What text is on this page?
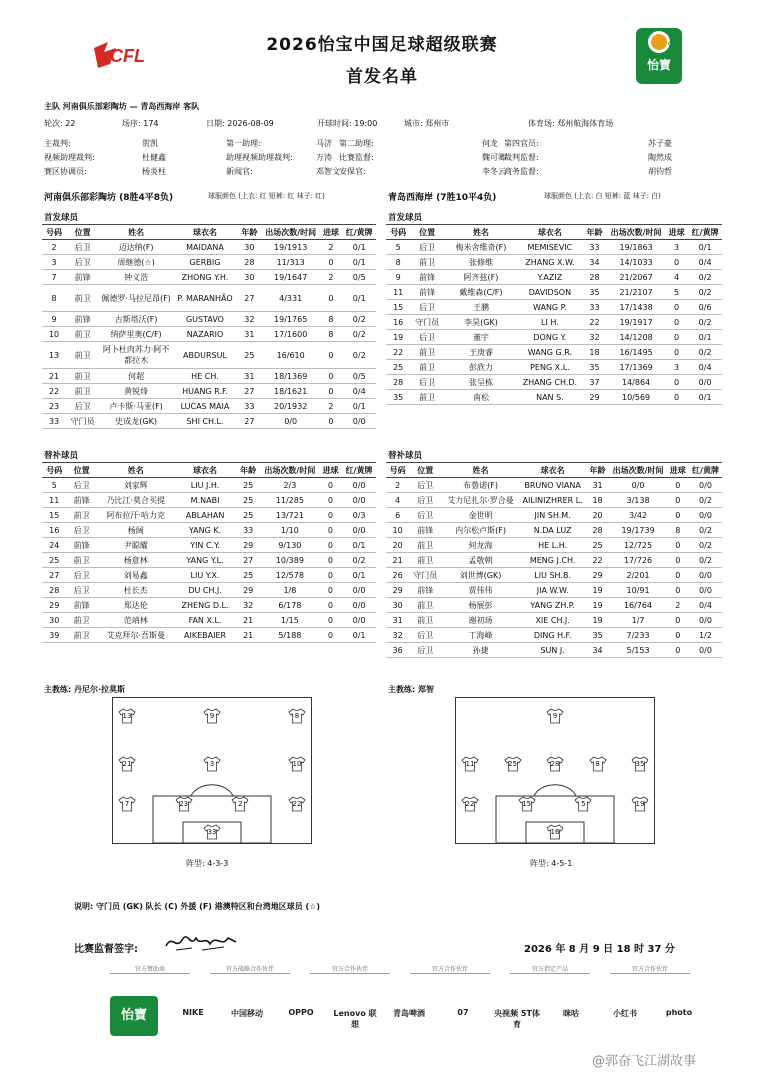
CFL
2026怡宝中国足球超级联赛
首发名单
怡寶
CSL
主队 河南俱乐部彩陶坊 — 青岛西海岸 客队
轮次: 22	场序: 174	日期: 2026-08-09	开球时间: 19:00	城市: 郑州市	体育场: 郑州航海体育场
主裁判:	贺凯	第一助理:	马济 第二助理:	何龙 第四官员:	苏子豪
视频助理裁判:	杜健鑫	助理视频助理裁判:	万涛 比赛监督:	魏可卿
裁判监督:	陶然成
赛区协调员:	杨炎柱	新闻官:	邓智文 安保官:	李冬云
商务监督:	胡钧哲
河南俱乐部彩陶坊 (8胜4平8负)	球服颜色 (上衣: 红 短裤: 红 袜子: 红)	青岛西海岸 (7胜10平4负)	球服颜色 (上衣: 白 短裤: 蓝 袜子: 白)
首发球员	首发球员
号码	位置	姓名	球衣名	年龄	出场次数/时间	进球	红/黄牌
2	后卫	迈达纳(F)	MAIDANA	30	19/1913	2	0/1
3	后卫	周继德(☆)	GERBIG	28	11/313	0	0/1
7	前锋	钟义浩	ZHONG Y.H.	30	19/1647	2	0/5
8	前卫	佩德罗·马拉尼昂(F)	P. MARANHÃO	27	4/331	0	0/1
9	前锋	古斯塔沃(F)	GUSTAVO	32	19/1765	8	0/2
10	前卫	纳萨里奥(C/F)	NAZARIO	31	17/1600	8	0/2
13	前卫	阿卜杜肉苏力·阿不都拉木	ABDURSUL	25	16/610	0	0/2
21	前卫	何超	HE CH.	31	18/1369	0	0/5
22	前卫	黄锐烽	HUANG R.F.	27	18/1621	0	0/4
23	后卫	卢卡斯·马亚(F)	LUCAS MAIA	33	20/1932	2	0/1
33	守门员	史成龙(GK)	SHI CH.L.	27	0/0	0	0/0
号码	位置	姓名	球衣名	年龄	出场次数/时间	进球	红/黄牌
5	后卫	梅米舍维奇(F)	MEMISEVIC	33	19/1863	3	0/1
8	前卫	张修维	ZHANG X.W.	34	14/1033	0	0/4
9	前锋	阿齐兹(F)	Y.AZIZ	28	21/2067	4	0/2
11	前锋	戴维森(C/F)	DAVIDSON	35	21/2107	5	0/2
15	后卫	王鹏	WANG P.	33	17/1438	0	0/6
16	守门员	李昊(GK)	LI H.	22	19/1917	0	0/2
19	后卫	董宇	DONG Y.	32	14/1208	0	0/1
22	前卫	王庚睿	WANG G.R.	18	16/1495	0	0/2
25	前卫	彭欣力	PENG X.L.	35	17/1369	3	0/4
28	后卫	张呈栋	ZHANG CH.D.	37	14/864	0	0/0
35	前卫	南松	NAN S.	29	10/569	0	0/1
替补球员	替补球员
号码	位置	姓名	球衣名	年龄	出场次数/时间	进球	红/黄牌
5	后卫	刘家辉	LIU J.H.	25	2/3	0	0/0
11	前锋	乃比江·莫合买提	M.NABI	25	11/285	0	0/0
15	前卫	阿布拉汗·哈力克	ABLAHAN	25	13/721	0	0/3
16	后卫	杨阔	YANG K.	33	1/10	0	0/0
24	前锋	尹聪耀	YIN C.Y.	29	9/130	0	0/1
25	前卫	杨意林	YANG Y.L.	27	10/389	0	0/2
27	后卫	刘易鑫	LIU Y.X.	25	12/578	0	0/1
28	后卫	杜长杰	DU CH.J.	29	1/8	0	0/0
29	前锋	郑达伦	ZHENG D.L.	32	6/178	0	0/0
30	前卫	范靖林	FAN X.L.	21	1/15	0	0/0
39	前卫	艾克拜尔·吾斯曼	AIKEBAIER	21	5/188	0	0/1
号码	位置	姓名	球衣名	年龄	出场次数/时间	进球	红/黄牌
2	后卫	布鲁诺(F)	BRUNO VIANA	31	0/0	0	0/0
4	后卫	艾力尼扎尔·罗合曼	AILINIZHRER L.	18	3/138	0	0/2
6	后卫	金世明	JIN SH.M.	20	3/42	0	0/0
10	前锋	内尔松卢斯(F)	N.DA LUZ	28	19/1739	8	0/2
20	前卫	何龙海	HE L.H.	25	12/725	0	0/2
21	前卫	孟敬朝	MENG J.CH.	22	17/726	0	0/2
26	守门员	刘世博(GK)	LIU SH.B.	29	2/201	0	0/0
29	前锋	贾伟伟	JIA W.W.	19	10/91	0	0/0
30	前卫	杨展彭	YANG ZH.P.	19	16/764	2	0/4
31	前卫	谢初玚	XIE CH.J.	19	1/7	0	0/0
32	后卫	丁海峰	DING H.F.	35	7/233	0	1/2
36	后卫	孙捷	SUN J.	34	5/153	0	0/0
主教练: 丹尼尔·拉莫斯	主教练: 郑智
13	9	8
21	3	10
7	23	2	22
33
9
11	25	28	8	35
22	15	5	19
16
阵型: 4-3-3	阵型: 4-5-1
说明: 守门员 (GK) 队长 (C) 外援 (F) 港澳特区和台湾地区球员 (☆)
比赛监督签字:	2026 年 8 月 9 日 18 时 37 分
官方赞助商	官方战略合作伙伴	官方合作伙伴	官方合作伙伴	官方指定产品	官方合作伙伴
怡寶	NIKE	中国移动	OPPO	Lenovo 联想
青岛啤酒	07	央视频 5T体育
咪咕	小红书	photo
@郭奋飞江湖故事
